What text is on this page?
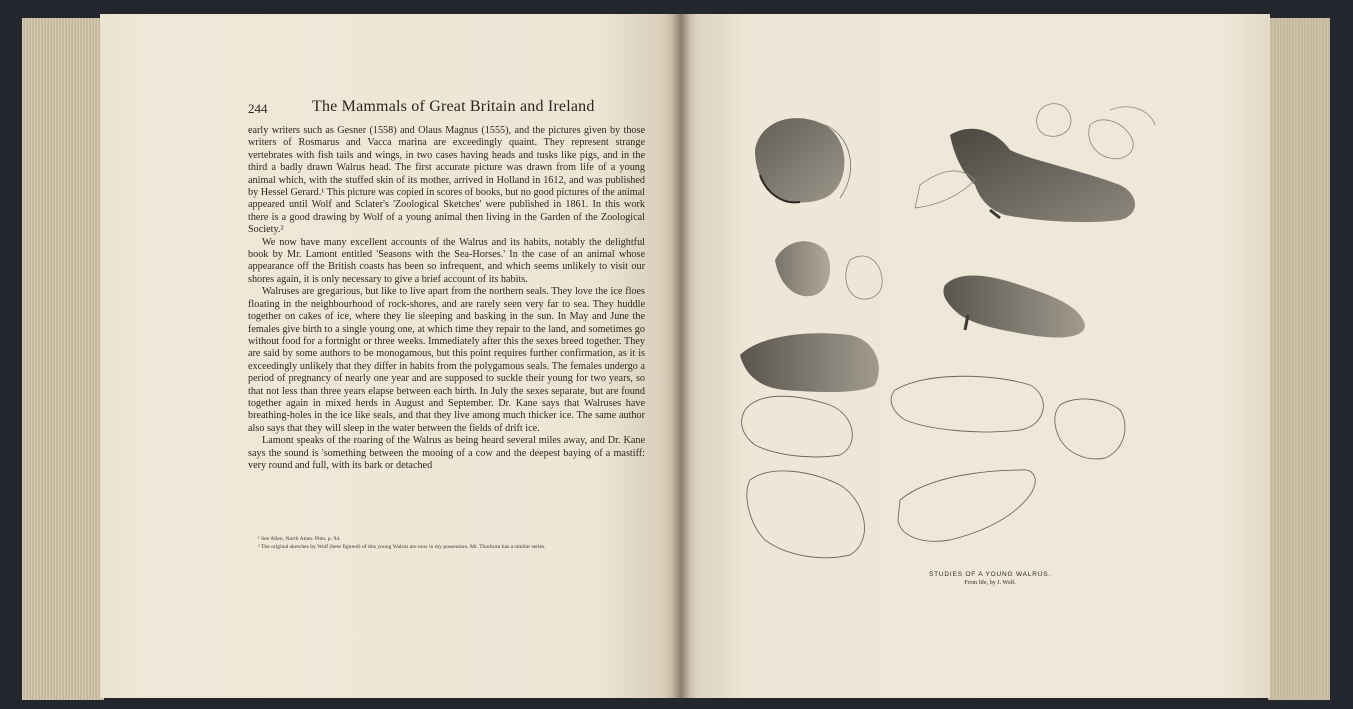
244	The Mammals of Great Britain and Ireland

early writers such as Gesner (1558) and Olaus Magnus (1555), and the pictures given by those writers of Rosmarus and Vacca marina are exceedingly quaint. They represent strange vertebrates with fish tails and wings, in two cases having heads and tusks like pigs, and in the third a badly drawn Walrus head. The first accurate picture was drawn from life of a young animal which, with the stuffed skin of its mother, arrived in Holland in 1612, and was published by Hessel Gerard.¹ This picture was copied in scores of books, but no good pictures of the animal appeared until Wolf and Sclater's 'Zoological Sketches' were published in 1861. In this work there is a good drawing by Wolf of a young animal then living in the Garden of the Zoological Society.²

We now have many excellent accounts of the Walrus and its habits, notably the delightful book by Mr. Lamont entitled 'Seasons with the Sea-Horses.' In the case of an animal whose appearance off the British coasts has been so infrequent, and which seems unlikely to visit our shores again, it is only necessary to give a brief account of its habits.

Walruses are gregarious, but like to live apart from the northern seals. They love the ice floes floating in the neighbourhood of rock-shores, and are rarely seen very far to sea. They huddle together on cakes of ice, where they lie sleeping and basking in the sun. In May and June the females give birth to a single young one, at which time they repair to the land, and sometimes go without food for a fortnight or three weeks. Immediately after this the sexes breed together. They are said by some authors to be monogamous, but this point requires further confirmation, as it is exceedingly unlikely that they differ in habits from the polygamous seals. The females undergo a period of pregnancy of nearly one year and are supposed to suckle their young for two years, so that not less than three years elapse between each birth. In July the sexes separate, but are found together again in mixed herds in August and September. Dr. Kane says that Walruses have breathing-holes in the ice like seals, and that they live among much thicker ice. The same author also says that they will sleep in the water between the fields of drift ice.

Lamont speaks of the roaring of the Walrus as being heard several miles away, and Dr. Kane says the sound is 'something between the mooing of a cow and the deepest baying of a mastiff: very round and full, with its bark or detached

¹ See Allen, North Amer. Pinn. p. 94.

² The original sketches by Wolf (here figured) of this young Walrus are now in my possession. Mr. Thorburn has a similar series.

STUDIES OF A YOUNG WALRUS.
From life, by J. Wolf.
